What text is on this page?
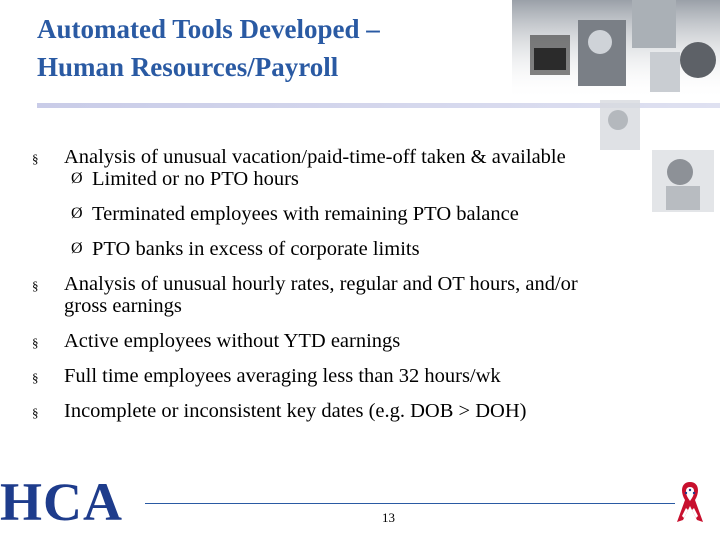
Automated Tools Developed –
Human Resources/Payroll

§ Analysis of unusual vacation/paid-time-off taken & available

Ø Limited or no PTO hours

Ø Terminated employees with remaining PTO balance

Ø PTO banks in excess of corporate limits

§ Analysis of unusual hourly rates, regular and OT hours, and/or
gross earnings

§ Active employees without YTD earnings

§ Full time employees averaging less than 32 hours/wk

§ Incomplete or inconsistent key dates (e.g. DOB > DOH)

HCA	13
